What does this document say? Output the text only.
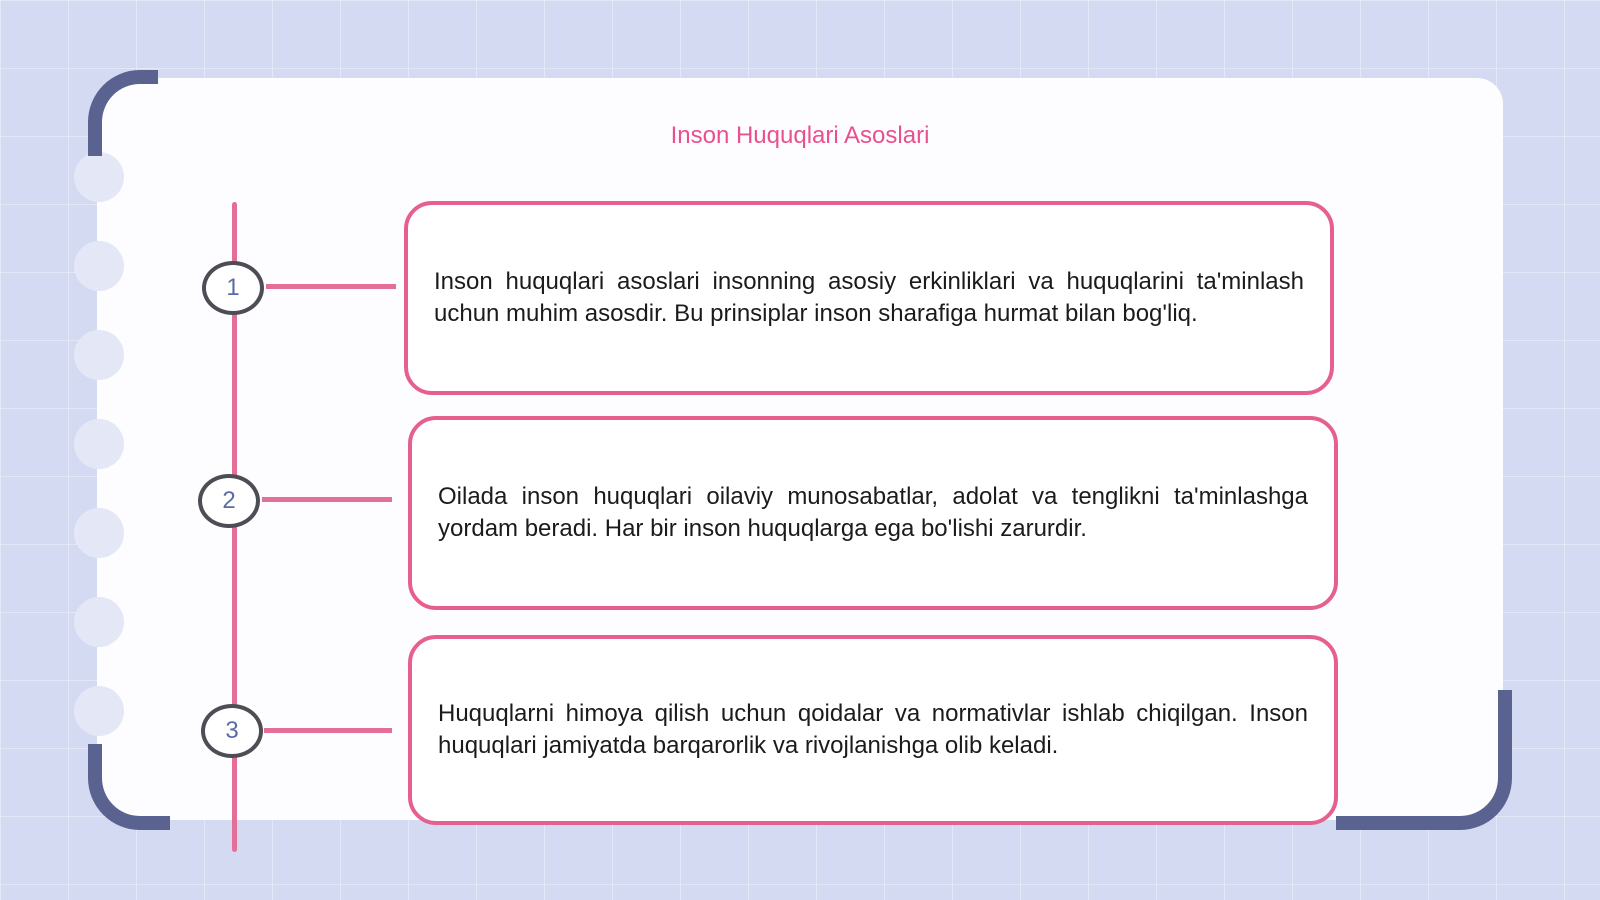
Inson Huquqlari Asoslari
1	Inson huquqlari asoslari insonning asosiy erkinliklari va huquqlarini ta'minlash uchun muhim asosdir. Bu prinsiplar inson sharafiga hurmat bilan bog'liq.

2	Oilada inson huquqlari oilaviy munosabatlar, adolat va tenglikni ta'minlashga yordam beradi. Har bir inson huquqlarga ega bo'lishi zarurdir.

3

Huquqlarni himoya qilish uchun qoidalar va normativlar ishlab chiqilgan. Inson huquqlari jamiyatda barqarorlik va rivojlanishga olib keladi.
